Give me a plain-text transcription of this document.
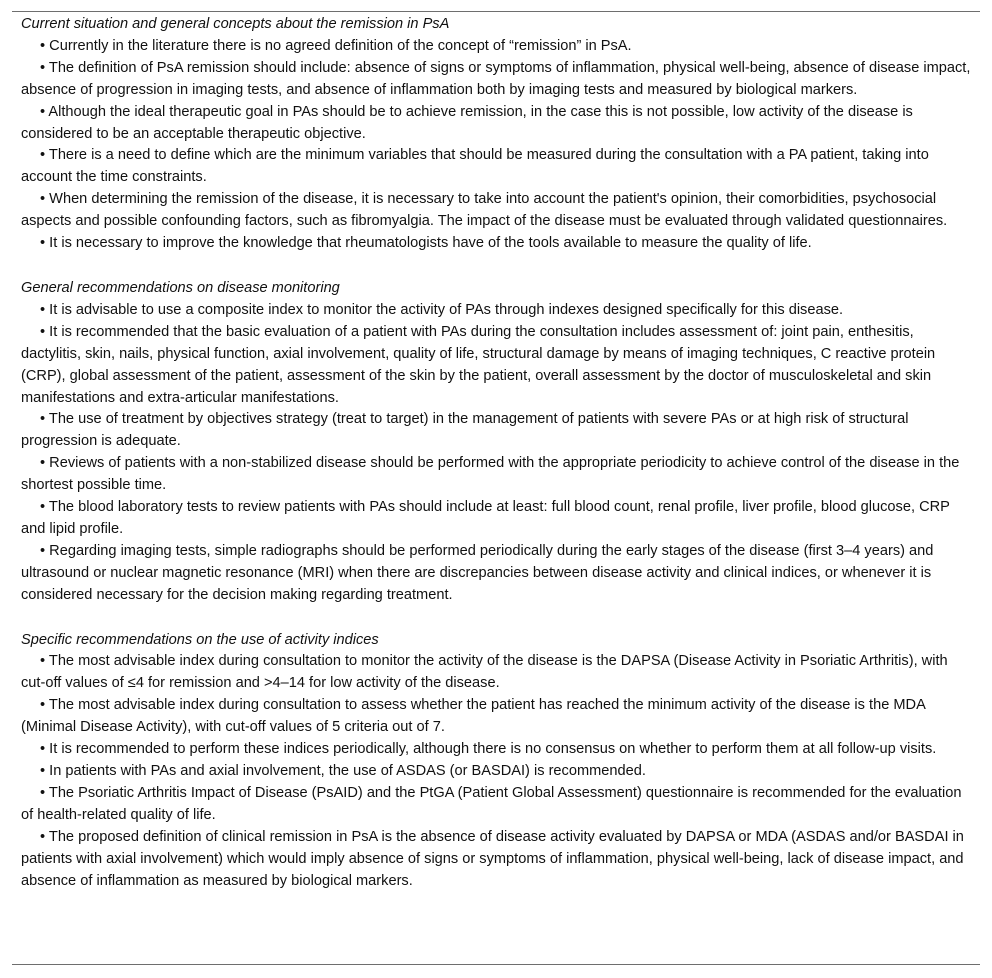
Current situation and general concepts about the remission in PsA

• Currently in the literature there is no agreed definition of the concept of “remission” in PsA.

• The definition of PsA remission should include: absence of signs or symptoms of inflammation, physical well-being, absence of disease impact, absence of progression in imaging tests, and absence of inflammation both by imaging tests and measured by biological markers.

• Although the ideal therapeutic goal in PAs should be to achieve remission, in the case this is not possible, low activity of the disease is considered to be an acceptable therapeutic objective.

• There is a need to define which are the minimum variables that should be measured during the consultation with a PA patient, taking into account the time constraints.

• When determining the remission of the disease, it is necessary to take into account the patient's opinion, their comorbidities, psychosocial aspects and possible confounding factors, such as fibromyalgia. The impact of the disease must be evaluated through validated questionnaires.

• It is necessary to improve the knowledge that rheumatologists have of the tools available to measure the quality of life.

General recommendations on disease monitoring

• It is advisable to use a composite index to monitor the activity of PAs through indexes designed specifically for this disease.

• It is recommended that the basic evaluation of a patient with PAs during the consultation includes assessment of: joint pain, enthesitis, dactylitis, skin, nails, physical function, axial involvement, quality of life, structural damage by means of imaging techniques, C reactive protein (CRP), global assessment of the patient, assessment of the skin by the patient, overall assessment by the doctor of musculoskeletal and skin manifestations and extra-articular manifestations.

• The use of treatment by objectives strategy (treat to target) in the management of patients with severe PAs or at high risk of structural progression is adequate.

• Reviews of patients with a non-stabilized disease should be performed with the appropriate periodicity to achieve control of the disease in the shortest possible time.

• The blood laboratory tests to review patients with PAs should include at least: full blood count, renal profile, liver profile, blood glucose, CRP and lipid profile.

• Regarding imaging tests, simple radiographs should be performed periodically during the early stages of the disease (first 3–4 years) and ultrasound or nuclear magnetic resonance (MRI) when there are discrepancies between disease activity and clinical indices, or whenever it is considered necessary for the decision making regarding treatment.

Specific recommendations on the use of activity indices

• The most advisable index during consultation to monitor the activity of the disease is the DAPSA (Disease Activity in Psoriatic Arthritis), with cut-off values of ≤4 for remission and >4–14 for low activity of the disease.

• The most advisable index during consultation to assess whether the patient has reached the minimum activity of the disease is the MDA (Minimal Disease Activity), with cut-off values of 5 criteria out of 7.

• It is recommended to perform these indices periodically, although there is no consensus on whether to perform them at all follow-up visits.

• In patients with PAs and axial involvement, the use of ASDAS (or BASDAI) is recommended.

• The Psoriatic Arthritis Impact of Disease (PsAID) and the PtGA (Patient Global Assessment) questionnaire is recommended for the evaluation of health-related quality of life.

• The proposed definition of clinical remission in PsA is the absence of disease activity evaluated by DAPSA or MDA (ASDAS and/or BASDAI in patients with axial involvement) which would imply absence of signs or symptoms of inflammation, physical well-being, lack of disease impact, and absence of inflammation as measured by biological markers.
